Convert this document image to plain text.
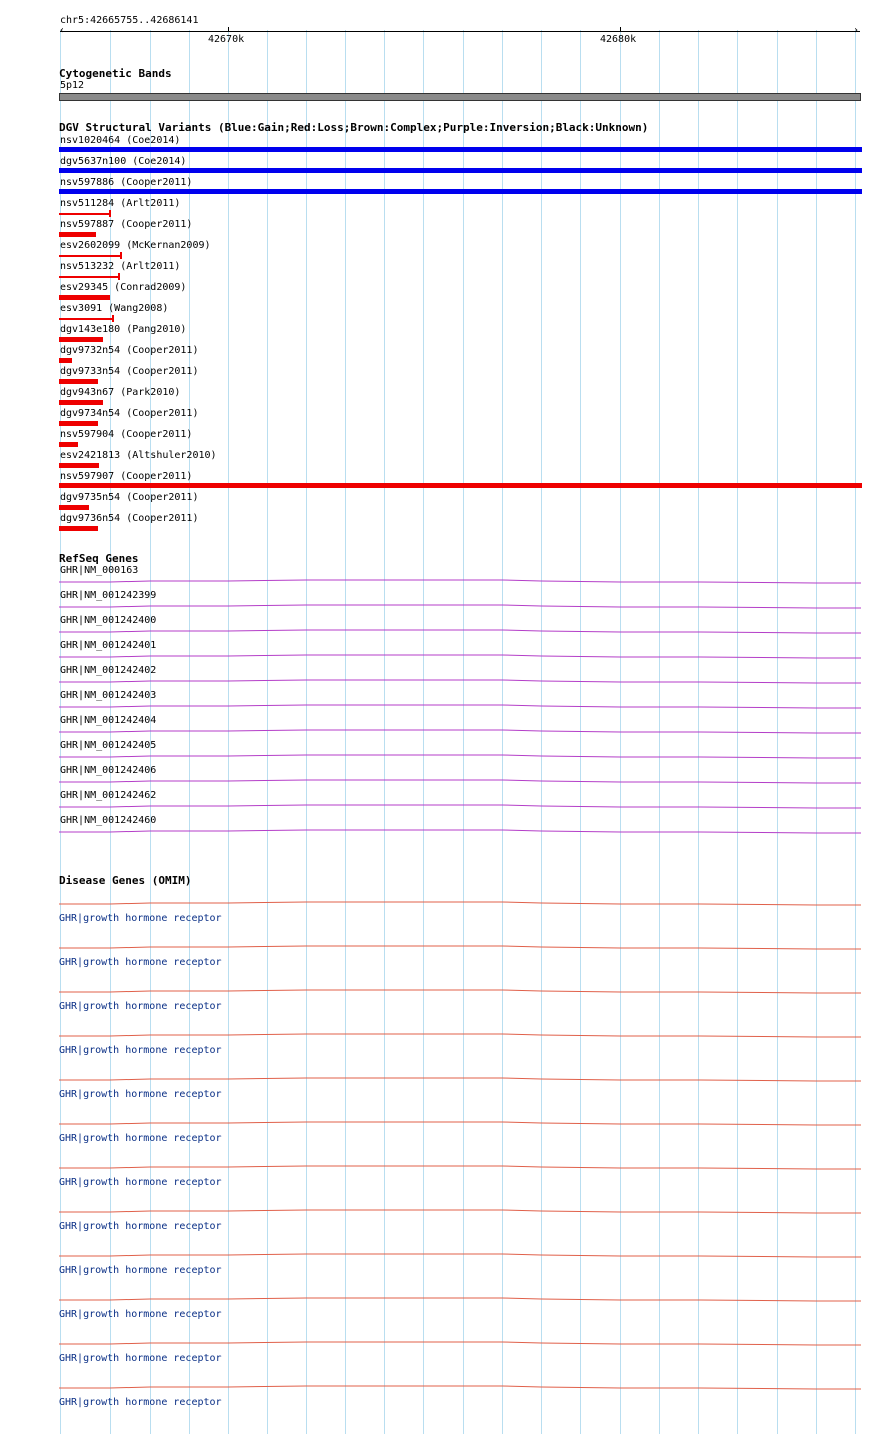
chr5:42665755..42686141
‹	›
42670k	42680k
Cytogenetic Bands
5p12
DGV Structural Variants (Blue:Gain;Red:Loss;Brown:Complex;Purple:Inversion;Black:Unknown)
nsv1020464 (Coe2014)
dgv5637n100 (Coe2014)
nsv597886 (Cooper2011)
nsv511284 (Arlt2011)
nsv597887 (Cooper2011)
esv2602099 (McKernan2009)
nsv513232 (Arlt2011)
esv29345 (Conrad2009)
esv3091 (Wang2008)
dgv143e180 (Pang2010)
dgv9732n54 (Cooper2011)
dgv9733n54 (Cooper2011)
dgv943n67 (Park2010)
dgv9734n54 (Cooper2011)
nsv597904 (Cooper2011)
esv2421813 (Altshuler2010)
nsv597907 (Cooper2011)
dgv9735n54 (Cooper2011)
dgv9736n54 (Cooper2011)
RefSeq Genes
GHR|NM_000163
GHR|NM_001242399
GHR|NM_001242400
GHR|NM_001242401
GHR|NM_001242402
GHR|NM_001242403
GHR|NM_001242404
GHR|NM_001242405
GHR|NM_001242406
GHR|NM_001242462
GHR|NM_001242460
Disease Genes (OMIM)
GHR|growth hormone receptor
GHR|growth hormone receptor
GHR|growth hormone receptor
GHR|growth hormone receptor
GHR|growth hormone receptor
GHR|growth hormone receptor
GHR|growth hormone receptor
GHR|growth hormone receptor
GHR|growth hormone receptor
GHR|growth hormone receptor
GHR|growth hormone receptor
GHR|growth hormone receptor
